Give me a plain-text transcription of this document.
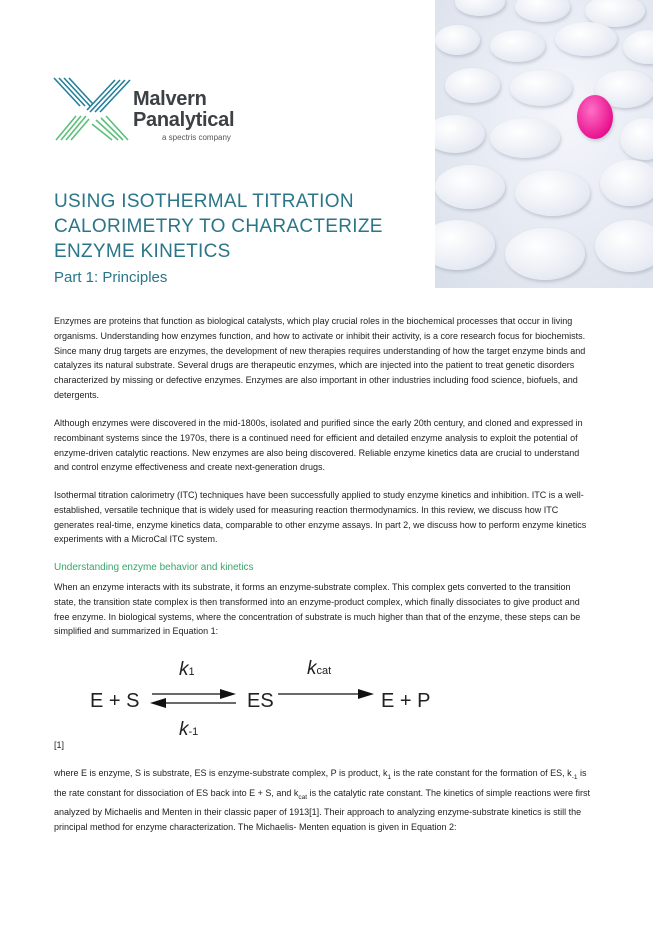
Malvern
Panalytical
a spectris company
USING ISOTHERMAL TITRATION
CALORIMETRY TO CHARACTERIZE
ENZYME KINETICS
Part 1: Principles

Enzymes are proteins that function as biological catalysts, which play crucial roles in the biochemical processes that occur in living organisms. Understanding how enzymes function, and how to activate or inhibit their activity, is a core research focus for biochemists. Since many drug targets are enzymes, the development of new therapies requires understanding of how the target enzyme binds and catalyzes its natural substrate. Several drugs are therapeutic enzymes, which are injected into the patient to treat genetic disorders characterized by missing or defective enzymes. Enzymes are also important in other industries including food science, biofuels, and detergents.

Although enzymes were discovered in the mid-1800s, isolated and purified since the early 20th century, and cloned and expressed in recombinant systems since the 1970s, there is a continued need for efficient and detailed enzyme analysis to exploit the potential of enzyme-driven catalytic reactions. New enzymes are also being discovered. Reliable enzyme kinetics data are crucial to understand and control enzyme effectiveness and create next-generation drugs.

Isothermal titration calorimetry (ITC) techniques have been successfully applied to study enzyme kinetics and inhibition. ITC is a well-established, versatile technique that is widely used for measuring reaction thermodynamics. In this review, we discuss how ITC generates real-time, enzyme kinetics data, comparable to other enzyme assays. In part 2, we discuss how to perform enzyme kinetics experiments with a MicroCal ITC system.

Understanding enzyme behavior and kinetics

When an enzyme interacts with its substrate, it forms an enzyme-substrate complex. This complex gets converted to the transition state, the transition state complex is then transformed into an enzyme-product complex, which finally dissociates to give product and free enzyme. In biological systems, where the concentration of substrate is much higher than that of the enzyme, these steps can be simplified and summarized in Equation 1:

E + S	ES	E + P
k1
k-1
kcat
[1]

where E is enzyme, S is substrate, ES is enzyme-substrate complex, P is product, $k_1$ is the rate constant for the formation of ES, $k_{-1}$ is the rate constant for dissociation of ES back into E + S, and $k_{cat}$ is the catalytic rate constant. The kinetics of simple reactions were first analyzed by Michaelis and Menten in their classic paper of 1913[1]. Their approach to analyzing enzyme-substrate kinetics is still the principal method for enzyme characterization. The Michaelis- Menten equation is given in Equation 2:
